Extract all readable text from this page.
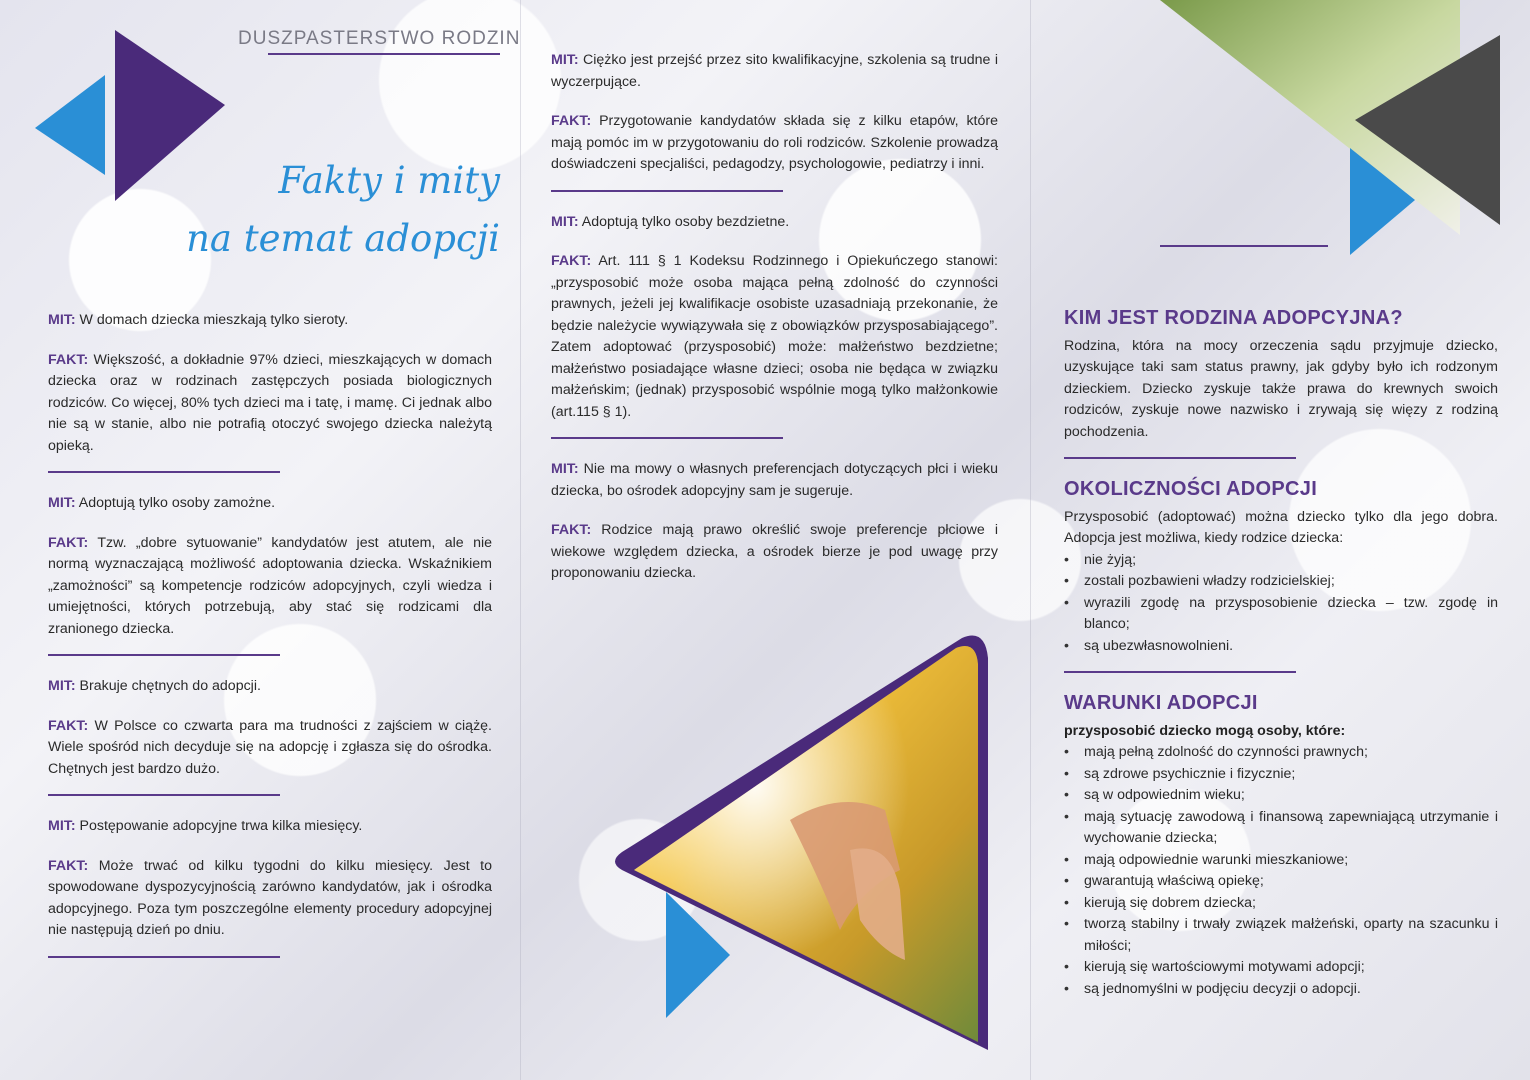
DUSZPASTERSTWO RODZIN
Fakty i mity
na temat adopcji

MIT: W domach dziecka mieszkają tylko sieroty.

FAKT: Większość, a dokładnie 97% dzieci, mieszkających w domach dziecka oraz w rodzinach zastępczych posiada biologicznych rodziców. Co więcej, 80% tych dzieci ma i tatę, i mamę. Ci jednak albo nie są w stanie, albo nie potrafią otoczyć swojego dziecka należytą opieką.

MIT: Adoptują tylko osoby zamożne.

FAKT: Tzw. „dobre sytuowanie” kandydatów jest atutem, ale nie normą wyznaczającą możliwość adoptowania dziecka. Wskaźnikiem „zamożności” są kompetencje rodziców adopcyjnych, czyli wiedza i umiejętności, których potrzebują, aby stać się rodzicami dla zranionego dziecka.

MIT: Brakuje chętnych do adopcji.

FAKT: W Polsce co czwarta para ma trudności z zajściem w ciążę. Wiele spośród nich decyduje się na adopcję i zgłasza się do ośrodka. Chętnych jest bardzo dużo.

MIT: Postępowanie adopcyjne trwa kilka miesięcy.

FAKT: Może trwać od kilku tygodni do kilku miesięcy. Jest to spowodowane dyspozycyjnością zarówno kandydatów, jak i ośrodka adopcyjnego. Poza tym poszczególne elementy procedury adopcyjnej nie następują dzień po dniu.

MIT: Ciężko jest przejść przez sito kwalifikacyjne, szkolenia są trudne i wyczerpujące.

FAKT: Przygotowanie kandydatów składa się z kilku etapów, które mają pomóc im w przygotowaniu do roli rodziców. Szkolenie prowadzą doświadczeni specjaliści, pedagodzy, psychologowie, pediatrzy i inni.

MIT: Adoptują tylko osoby bezdzietne.

FAKT: Art. 111 § 1 Kodeksu Rodzinnego i Opiekuńczego stanowi: „przysposobić może osoba mająca pełną zdolność do czynności prawnych, jeżeli jej kwalifikacje osobiste uzasadniają przekonanie, że będzie należycie wywiązywała się z obowiązków przysposabiającego”. Zatem adoptować (przysposobić) może: małżeństwo bezdzietne; małżeństwo posiadające własne dzieci; osoba nie będąca w związku małżeńskim; (jednak) przysposobić wspólnie mogą tylko małżonkowie (art.115 § 1).

MIT: Nie ma mowy o własnych preferencjach dotyczących płci i wieku dziecka, bo ośrodek adopcyjny sam je sugeruje.

FAKT: Rodzice mają prawo określić swoje preferencje płciowe i wiekowe względem dziecka, a ośrodek bierze je pod uwagę przy proponowaniu dziecka.

KIM JEST RODZINA ADOPCYJNA?

Rodzina, która na mocy orzeczenia sądu przyjmuje dziecko, uzyskujące taki sam status prawny, jak gdyby było ich rodzonym dzieckiem. Dziecko zyskuje także prawa do krewnych swoich rodziców, zyskuje nowe nazwisko i zrywają się więzy z rodziną pochodzenia.

OKOLICZNOŚCI ADOPCJI

Przysposobić (adoptować) można dziecko tylko dla jego dobra. Adopcja jest możliwa, kiedy rodzice dziecka:

• nie żyją;
• zostali pozbawieni władzy rodzicielskiej;
• wyrazili zgodę na przysposobienie dziecka – tzw. zgodę in blanco;
• są ubezwłasnowolnieni.
WARUNKI ADOPCJI

przysposobić dziecko mogą osoby, które:

• mają pełną zdolność do czynności prawnych;
• są zdrowe psychicznie i fizycznie;
• są w odpowiednim wieku;
• mają sytuację zawodową i finansową zapewniającą utrzymanie i wychowanie dziecka;
• mają odpowiednie warunki mieszkaniowe;
• gwarantują właściwą opiekę;
• kierują się dobrem dziecka;
• tworzą stabilny i trwały związek małżeński, oparty na szacunku i miłości;
• kierują się wartościowymi motywami adopcji;
• są jednomyślni w podjęciu decyzji o adopcji.
